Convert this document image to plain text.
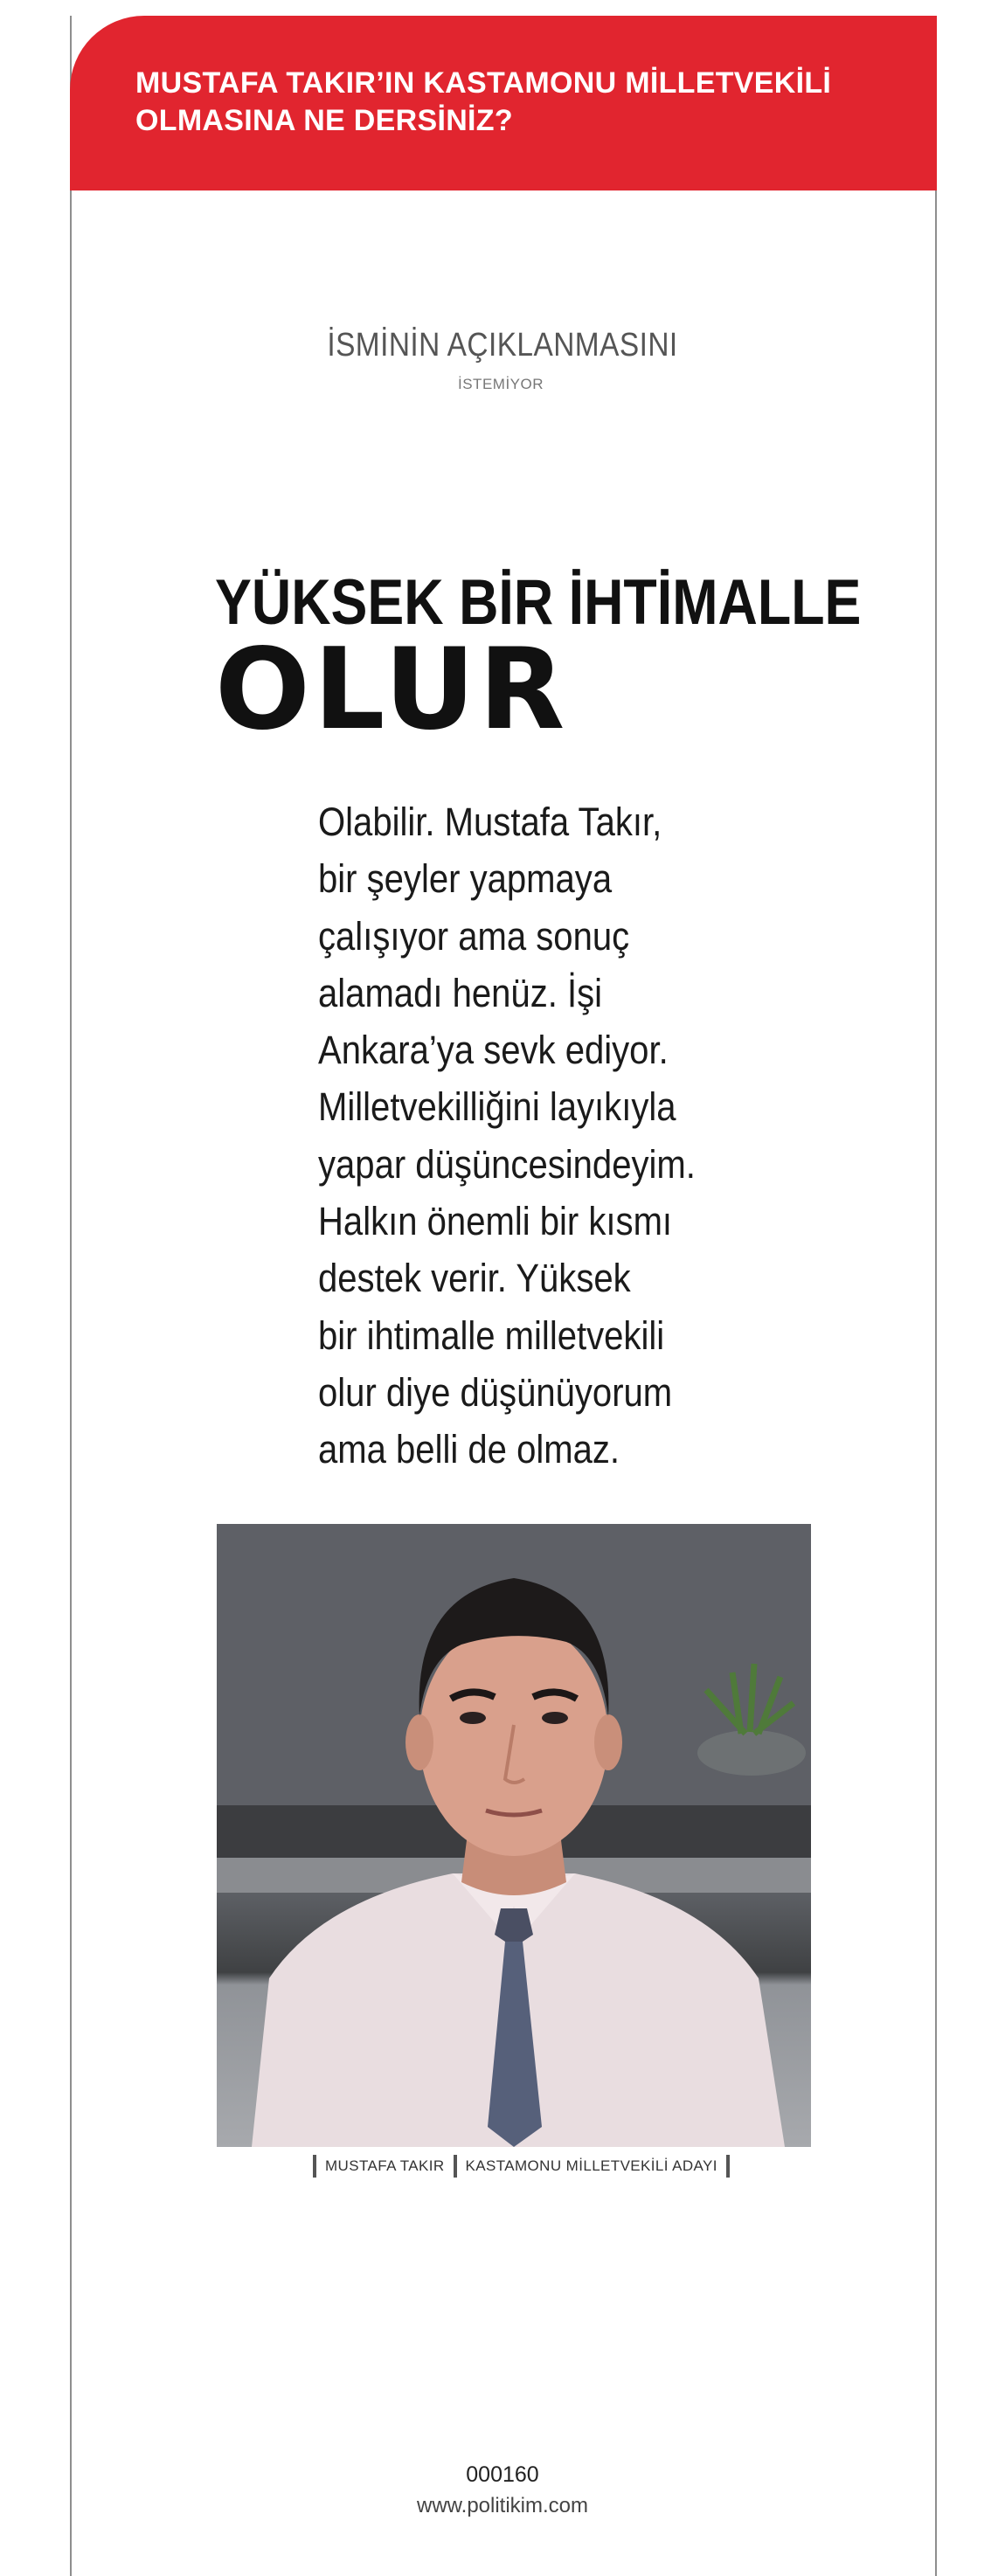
MUSTAFA TAKIR’IN KASTAMONU MİLLETVEKİLİ
OLMASINA NE DERSİNİZ?

İSMİNİN AÇIKLANMASINI
İSTEMİYOR
YÜKSEK BİR İHTİMALLE
OLUR

Olabilir. Mustafa Takır,
bir şeyler yapmaya
çalışıyor ama sonuç
alamadı henüz. İşi
Ankara’ya sevk ediyor.
Milletvekilliğini layıkıyla
yapar düşüncesindeyim.
Halkın önemli bir kısmı
destek verir. Yüksek
bir ihtimalle milletvekili
olur diye düşünüyorum
ama belli de olmaz.

MUSTAFA TAKIR KASTAMONU MİLLETVEKİLİ ADAYI
000160
www.politikim.com
